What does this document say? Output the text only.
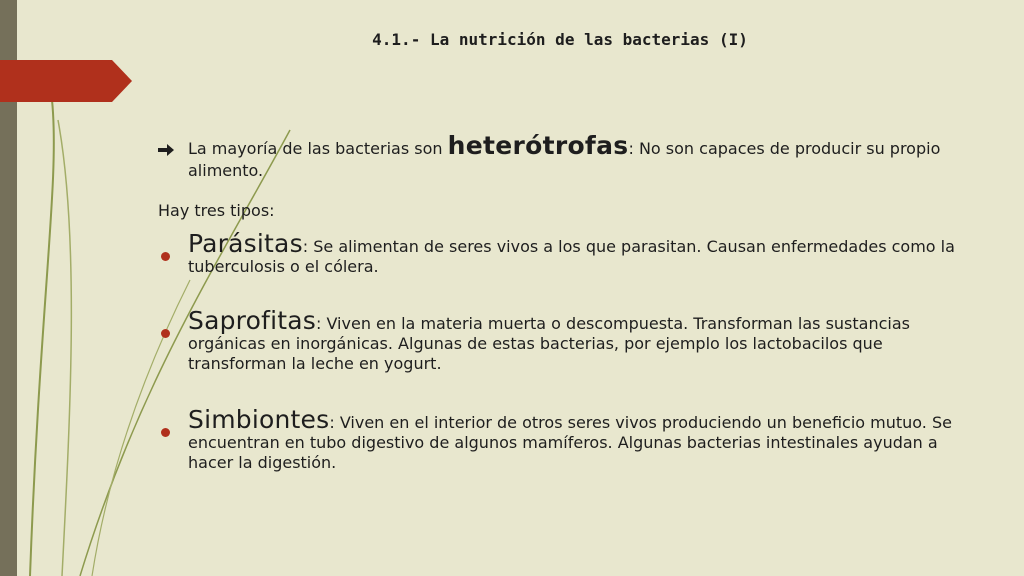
4.1.- La nutrición de las bacterias (I)

La mayoría de las bacterias son heterótrofas: No son capaces de producir su propio alimento.

Hay tres tipos:

Parásitas: Se alimentan de seres vivos a los que parasitan. Causan enfermedades como la tuberculosis o el cólera.

Saprofitas: Viven en la materia muerta o descompuesta. Transforman las sustancias orgánicas en inorgánicas. Algunas de estas bacterias, por ejemplo los lactobacilos que transforman la leche en yogurt.

Simbiontes: Viven en el interior de otros seres vivos produciendo un beneficio mutuo. Se encuentran en tubo digestivo de algunos mamíferos. Algunas bacterias intestinales ayudan a hacer la digestión.
